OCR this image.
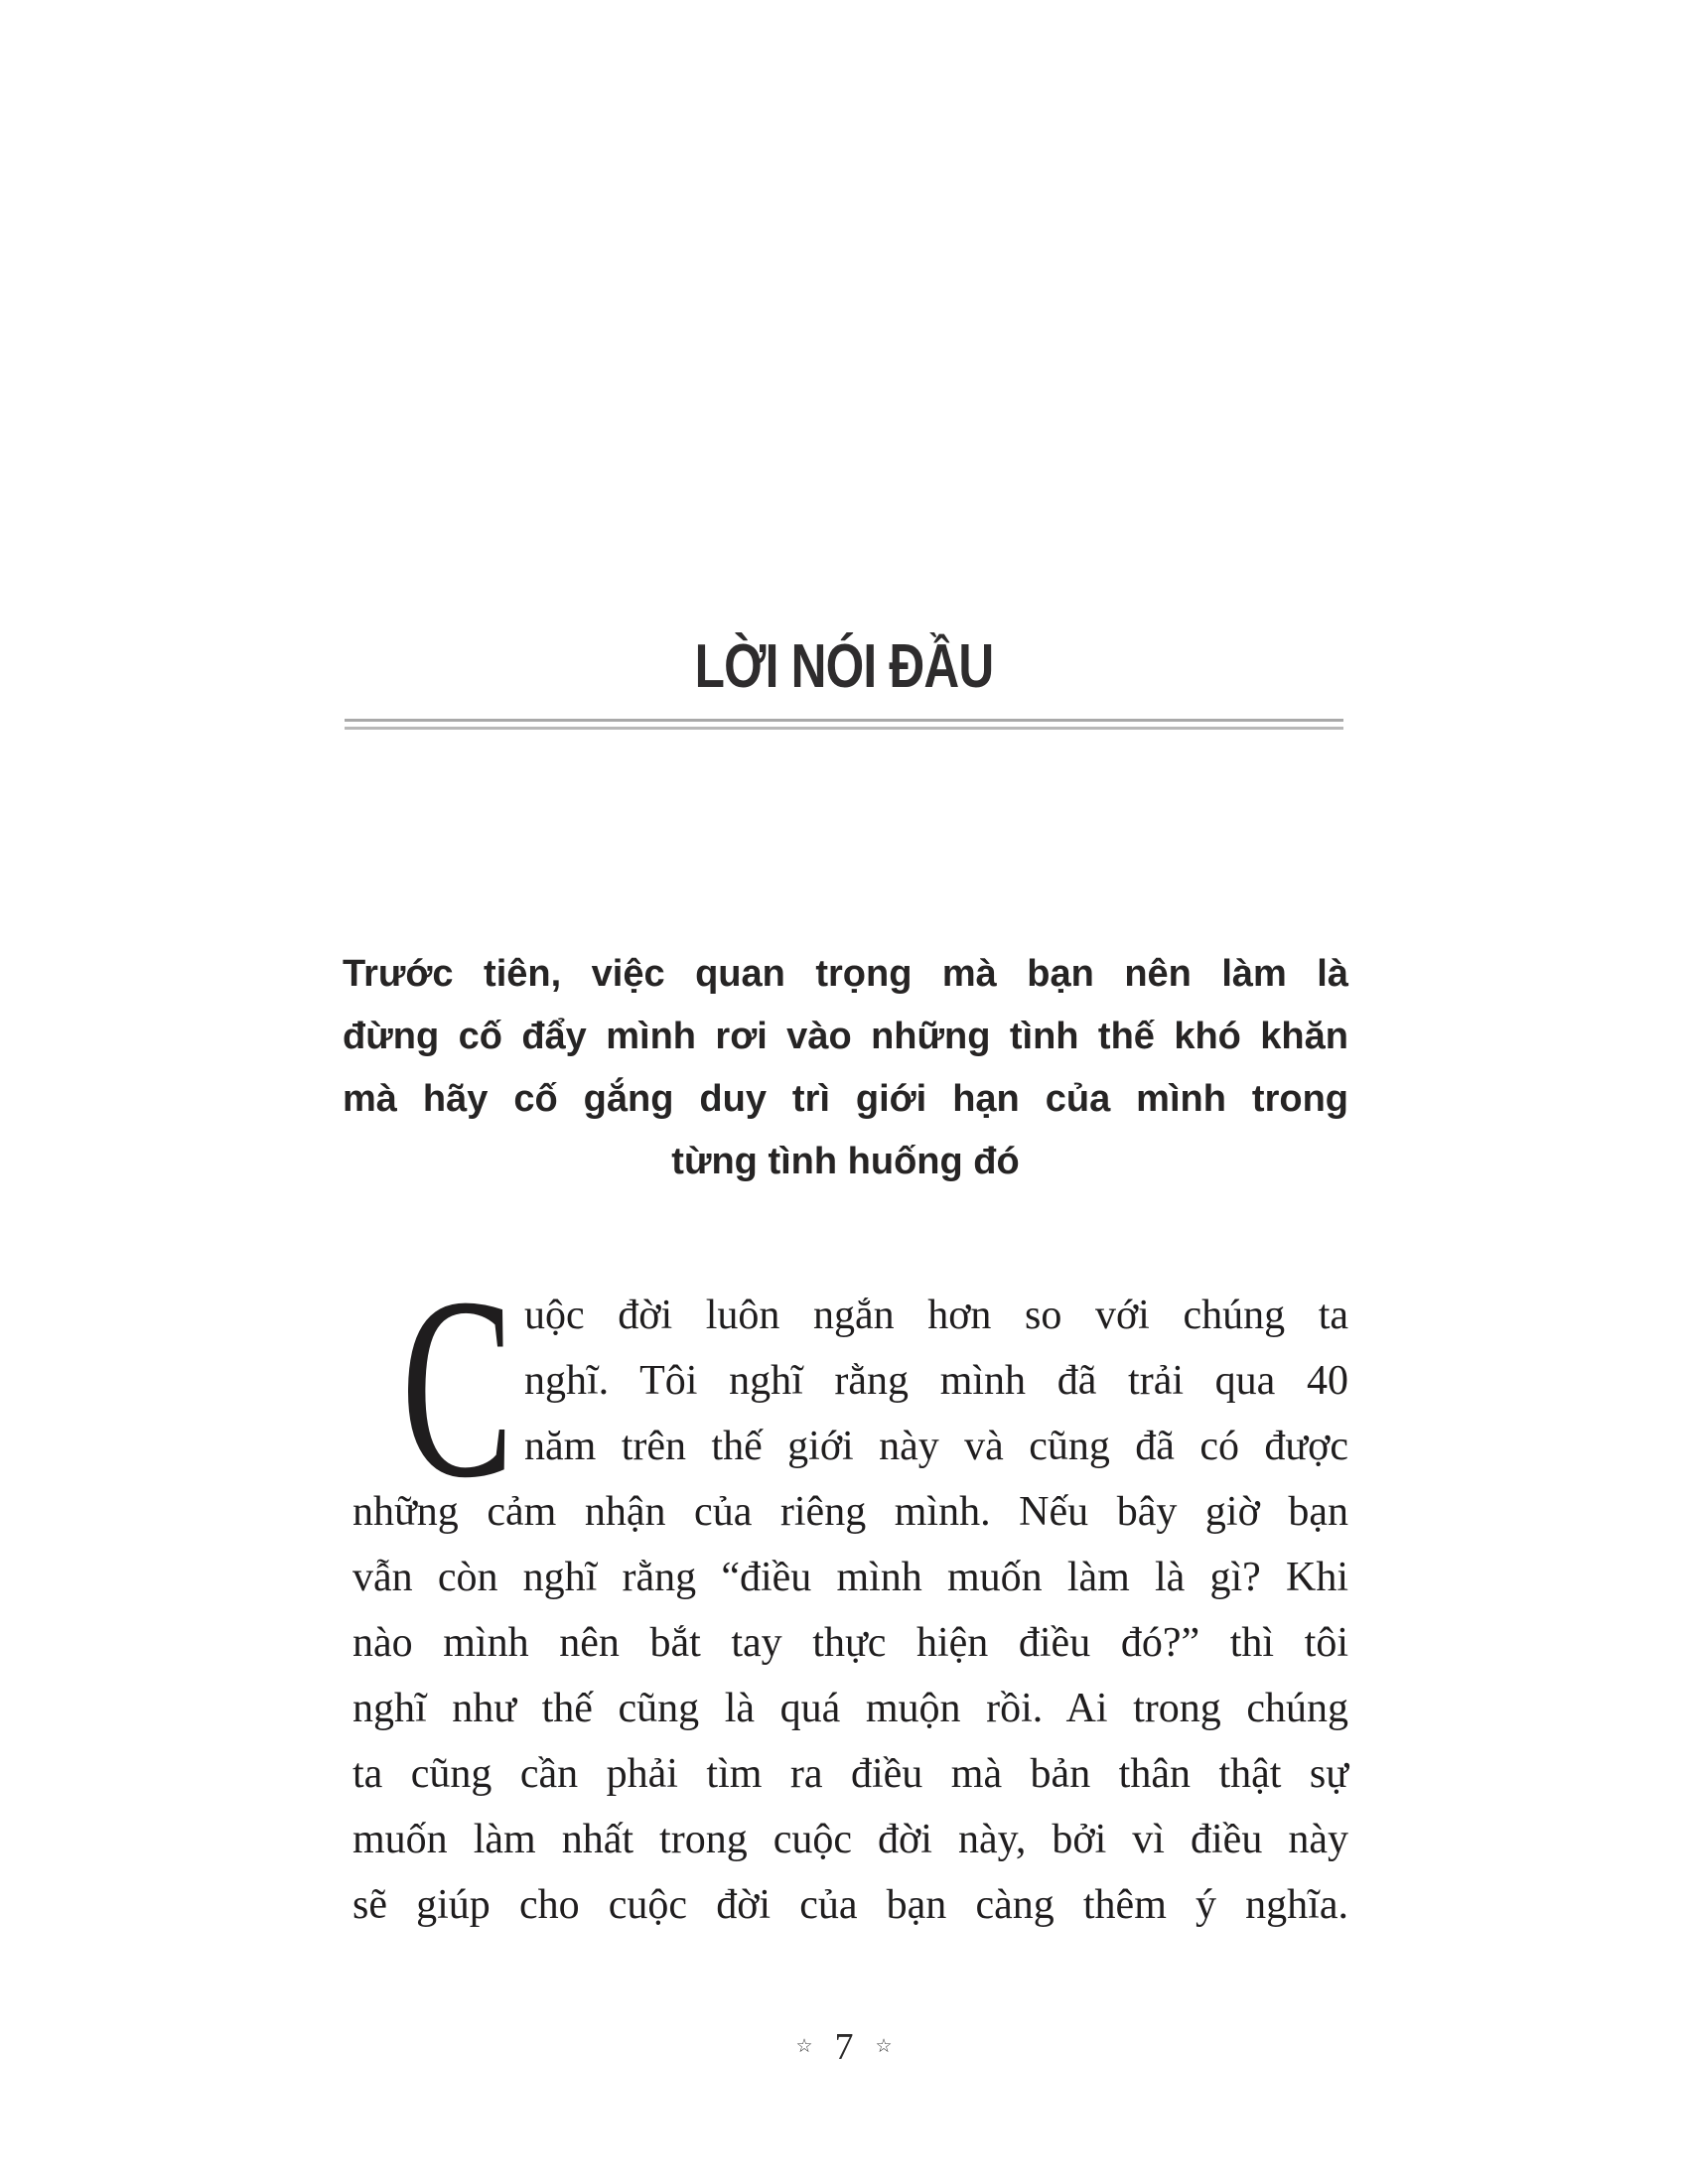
LỜI NÓI ĐẦU
Trước tiên, việc quan trọng mà bạn nên làm là
đừng cố đẩy mình rơi vào những tình thế khó khăn
mà hãy cố gắng duy trì giới hạn của mình trong
từng tình huống đó
C uộc đời luôn ngắn hơn so với chúng ta
nghĩ. Tôi nghĩ rằng mình đã trải qua 40
năm trên thế giới này và cũng đã có được
những cảm nhận của riêng mình. Nếu bây giờ bạn
vẫn còn nghĩ rằng “điều mình muốn làm là gì? Khi
nào mình nên bắt tay thực hiện điều đó?” thì tôi
nghĩ như thế cũng là quá muộn rồi. Ai trong chúng
ta cũng cần phải tìm ra điều mà bản thân thật sự
muốn làm nhất trong cuộc đời này, bởi vì điều này
sẽ giúp cho cuộc đời của bạn càng thêm ý nghĩa.
☆ 7 ☆
